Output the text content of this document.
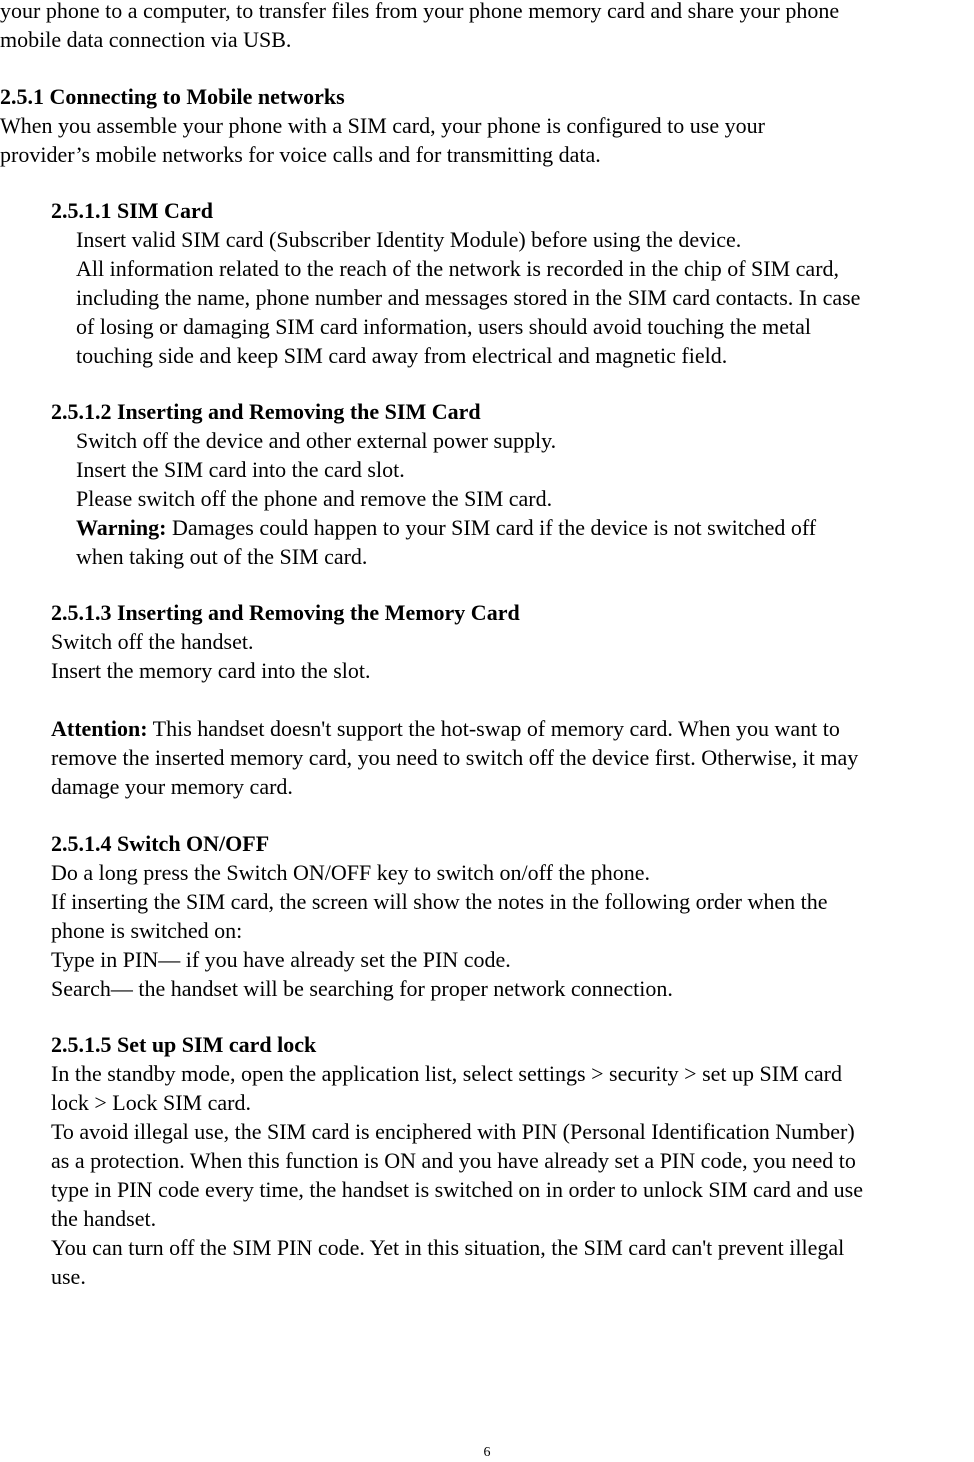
your phone to a computer, to transfer files from your phone memory card and share your phone
mobile data connection via USB.
2.5.1 Connecting to Mobile networks
When you assemble your phone with a SIM card, your phone is configured to use your
provider’s mobile networks for voice calls and for transmitting data.
2.5.1.1 SIM Card
Insert valid SIM card (Subscriber Identity Module) before using the device.
All information related to the reach of the network is recorded in the chip of SIM card,
including the name, phone number and messages stored in the SIM card contacts. In case
of losing or damaging SIM card information, users should avoid touching the metal
touching side and keep SIM card away from electrical and magnetic field.
2.5.1.2 Inserting and Removing the SIM Card
Switch off the device and other external power supply.
Insert the SIM card into the card slot.
Please switch off the phone and remove the SIM card.
Warning: Damages could happen to your SIM card if the device is not switched off
when taking out of the SIM card.
2.5.1.3 Inserting and Removing the Memory Card
Switch off the handset.
Insert the memory card into the slot.
Attention: This handset doesn't support the hot-swap of memory card. When you want to
remove the inserted memory card, you need to switch off the device first. Otherwise, it may
damage your memory card.
2.5.1.4 Switch ON/OFF
Do a long press the Switch ON/OFF key to switch on/off the phone.
If inserting the SIM card, the screen will show the notes in the following order when the
phone is switched on:
Type in PIN— if you have already set the PIN code.
Search— the handset will be searching for proper network connection.
2.5.1.5 Set up SIM card lock
In the standby mode, open the application list, select settings > security > set up SIM card
lock > Lock SIM card.
To avoid illegal use, the SIM card is enciphered with PIN (Personal Identification Number)
as a protection. When this function is ON and you have already set a PIN code, you need to
type in PIN code every time, the handset is switched on in order to unlock SIM card and use
the handset.
You can turn off the SIM PIN code. Yet in this situation, the SIM card can't prevent illegal
use.
6
